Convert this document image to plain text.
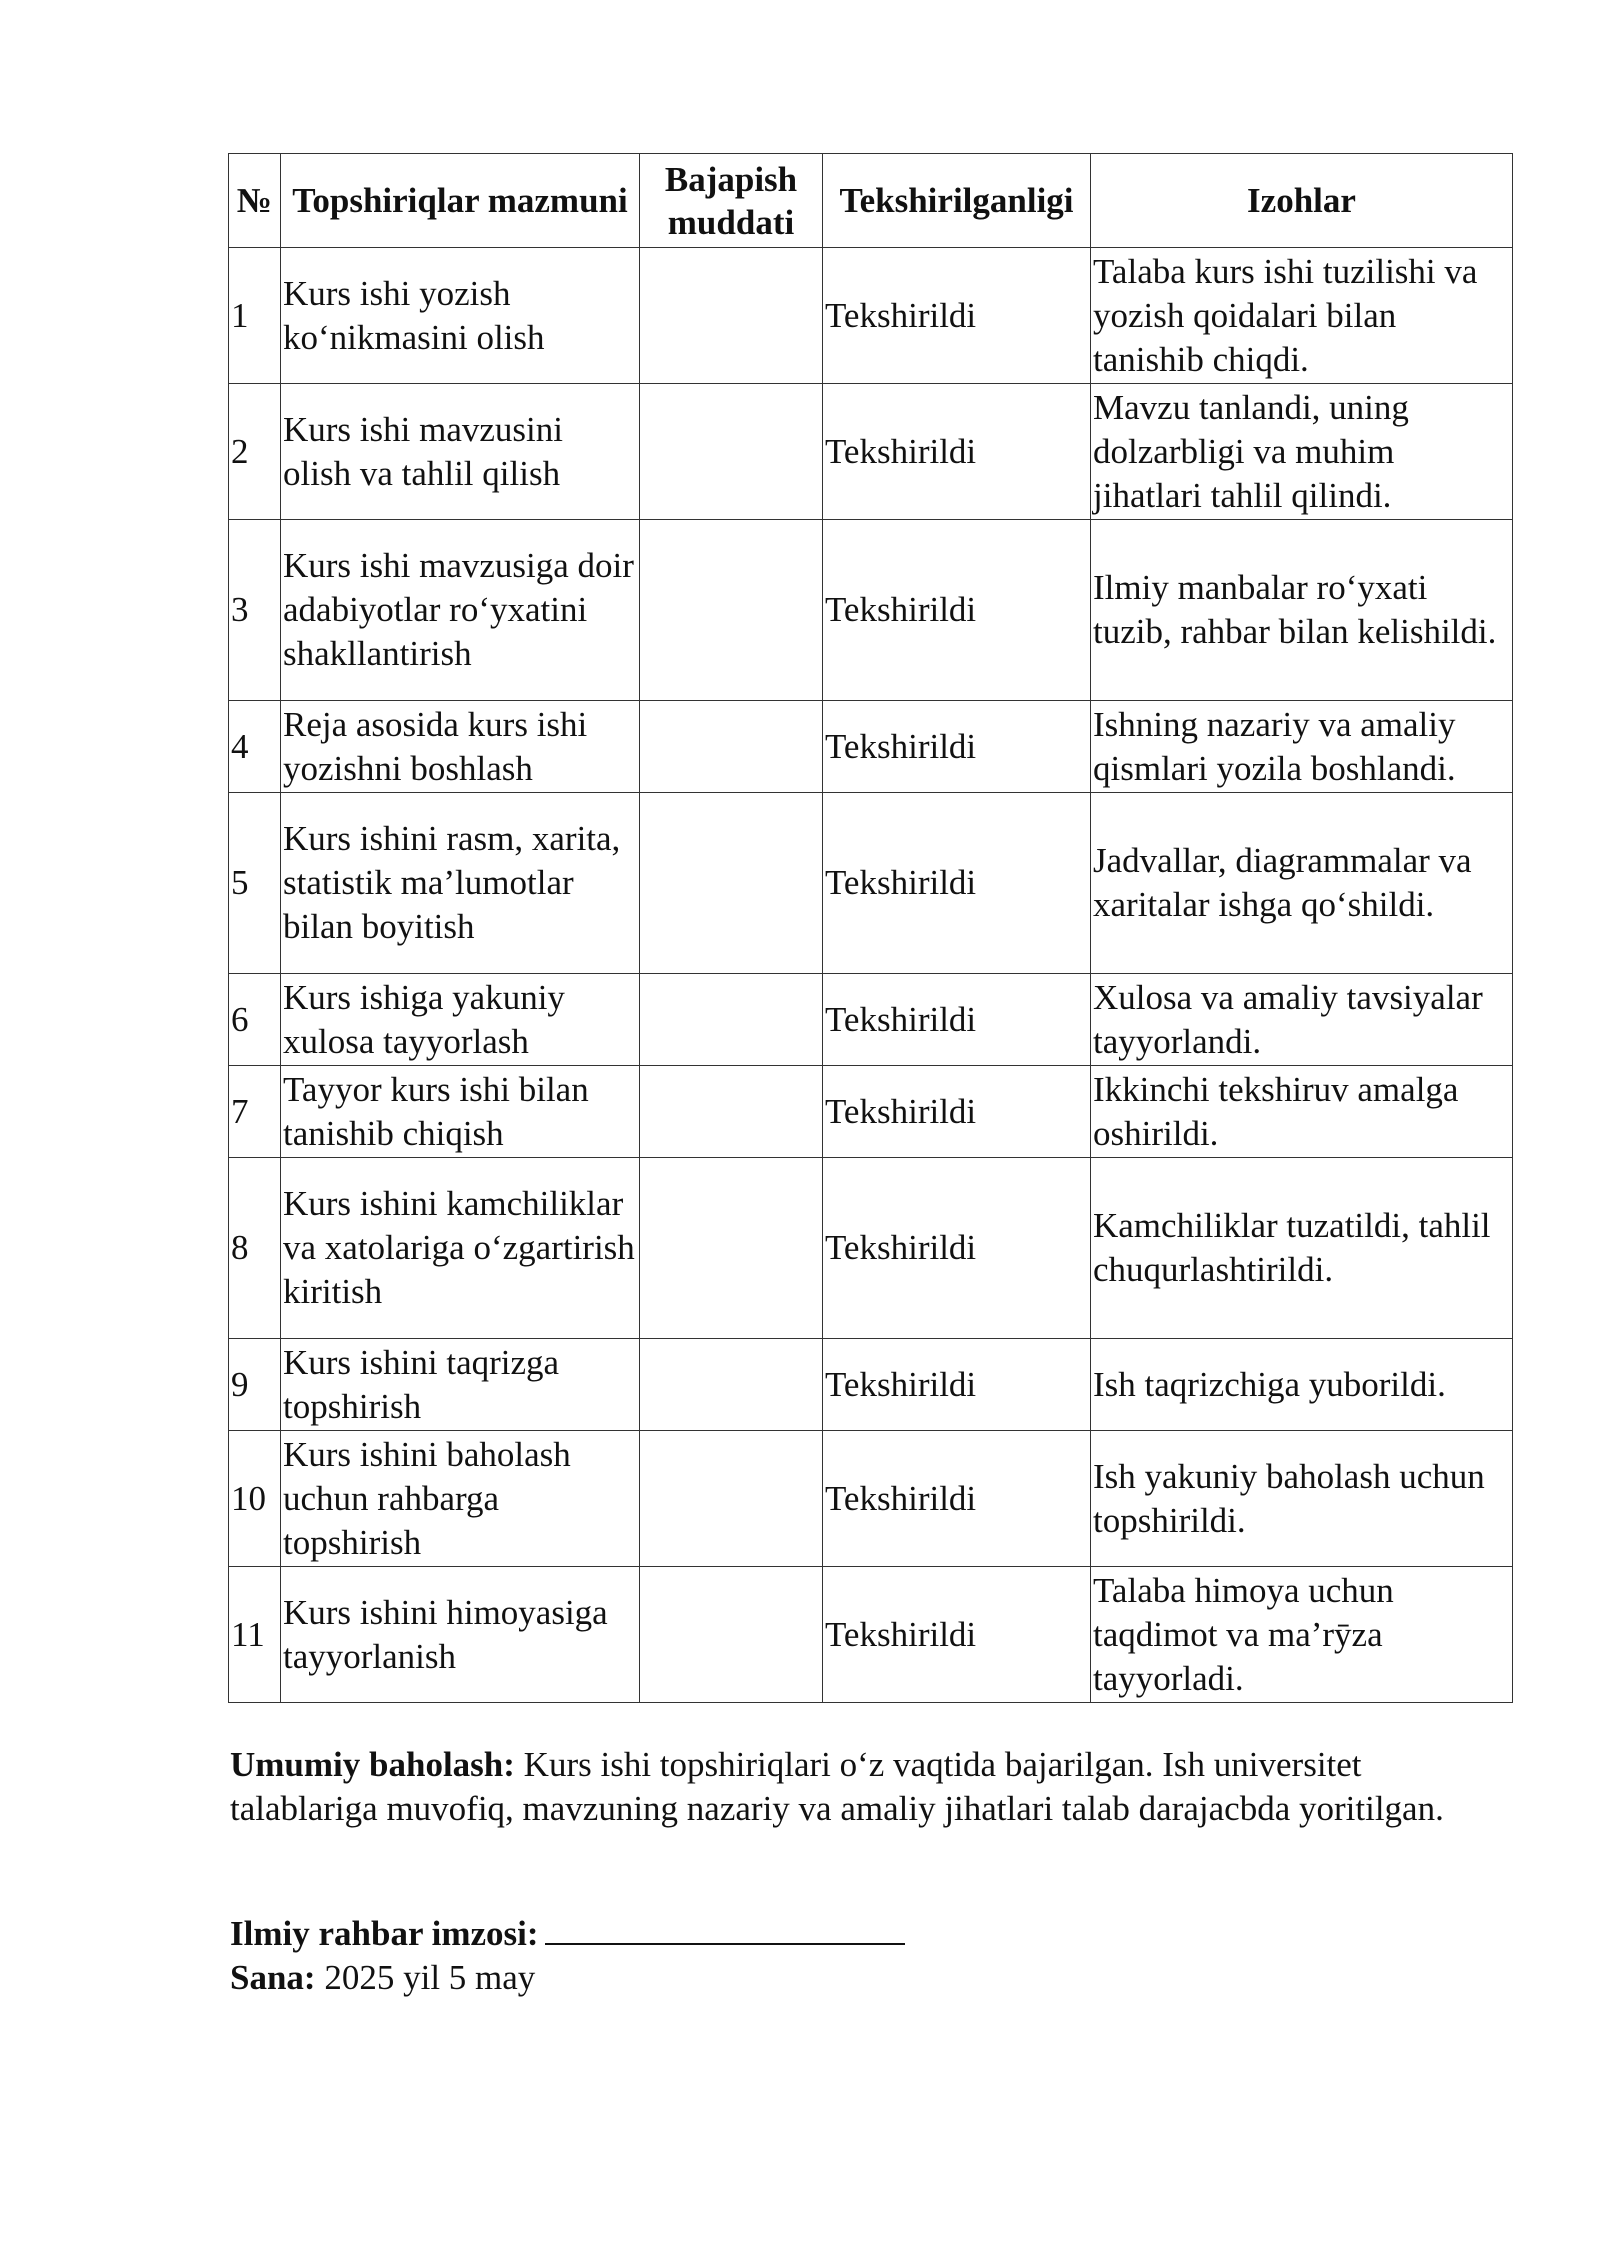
№	Topshiriqlar mazmuni	Bajapish muddati	Tekshirilganligi	Izohlar
1	Kurs ishi yozish ko‘nikmasini olish		Tekshirildi	Talaba kurs ishi tuzilishi va yozish qoidalari bilan tanishib chiqdi.
2	Kurs ishi mavzusini olish va tahlil qilish		Tekshirildi	Mavzu tanlandi, uning dolzarbligi va muhim jihatlari tahlil qilindi.
3	Kurs ishi mavzusiga doir adabiyotlar ro‘yxatini shakllantirish		Tekshirildi	Ilmiy manbalar ro‘yxati tuzib, rahbar bilan kelishildi.
4	Reja asosida kurs ishi yozishni boshlash		Tekshirildi	Ishning nazariy va amaliy qismlari yozila boshlandi.
5	Kurs ishini rasm, xarita, statistik ma’lumotlar bilan boyitish		Tekshirildi	Jadvallar, diagrammalar va xaritalar ishga qo‘shildi.
6	Kurs ishiga yakuniy xulosa tayyorlash		Tekshirildi	Xulosa va amaliy tavsiyalar tayyorlandi.
7	Tayyor kurs ishi bilan tanishib chiqish		Tekshirildi	Ikkinchi tekshiruv amalga oshirildi.
8	Kurs ishini kamchiliklar va xatolariga o‘zgartirish kiritish		Tekshirildi	Kamchiliklar tuzatildi, tahlil chuqurlashtirildi.
9	Kurs ishini taqrizga topshirish		Tekshirildi	Ish taqrizchiga yuborildi.
10	Kurs ishini baholash uchun rahbarga topshirish		Tekshirildi	Ish yakuniy baholash uchun topshirildi.
11	Kurs ishini himoyasiga tayyorlanish		Tekshirildi	Talaba himoya uchun taqdimot va ma’rӯza tayyorladi.

Umumiy baholash: Kurs ishi topshiriqlari o‘z vaqtida bajarilgan. Ish universitet talablariga muvofiq, mavzuning nazariy va amaliy jihatlari talab darajacbda yoritilgan.

Ilmiy rahbar imzosi:

Sana: 2025 yil 5 may
